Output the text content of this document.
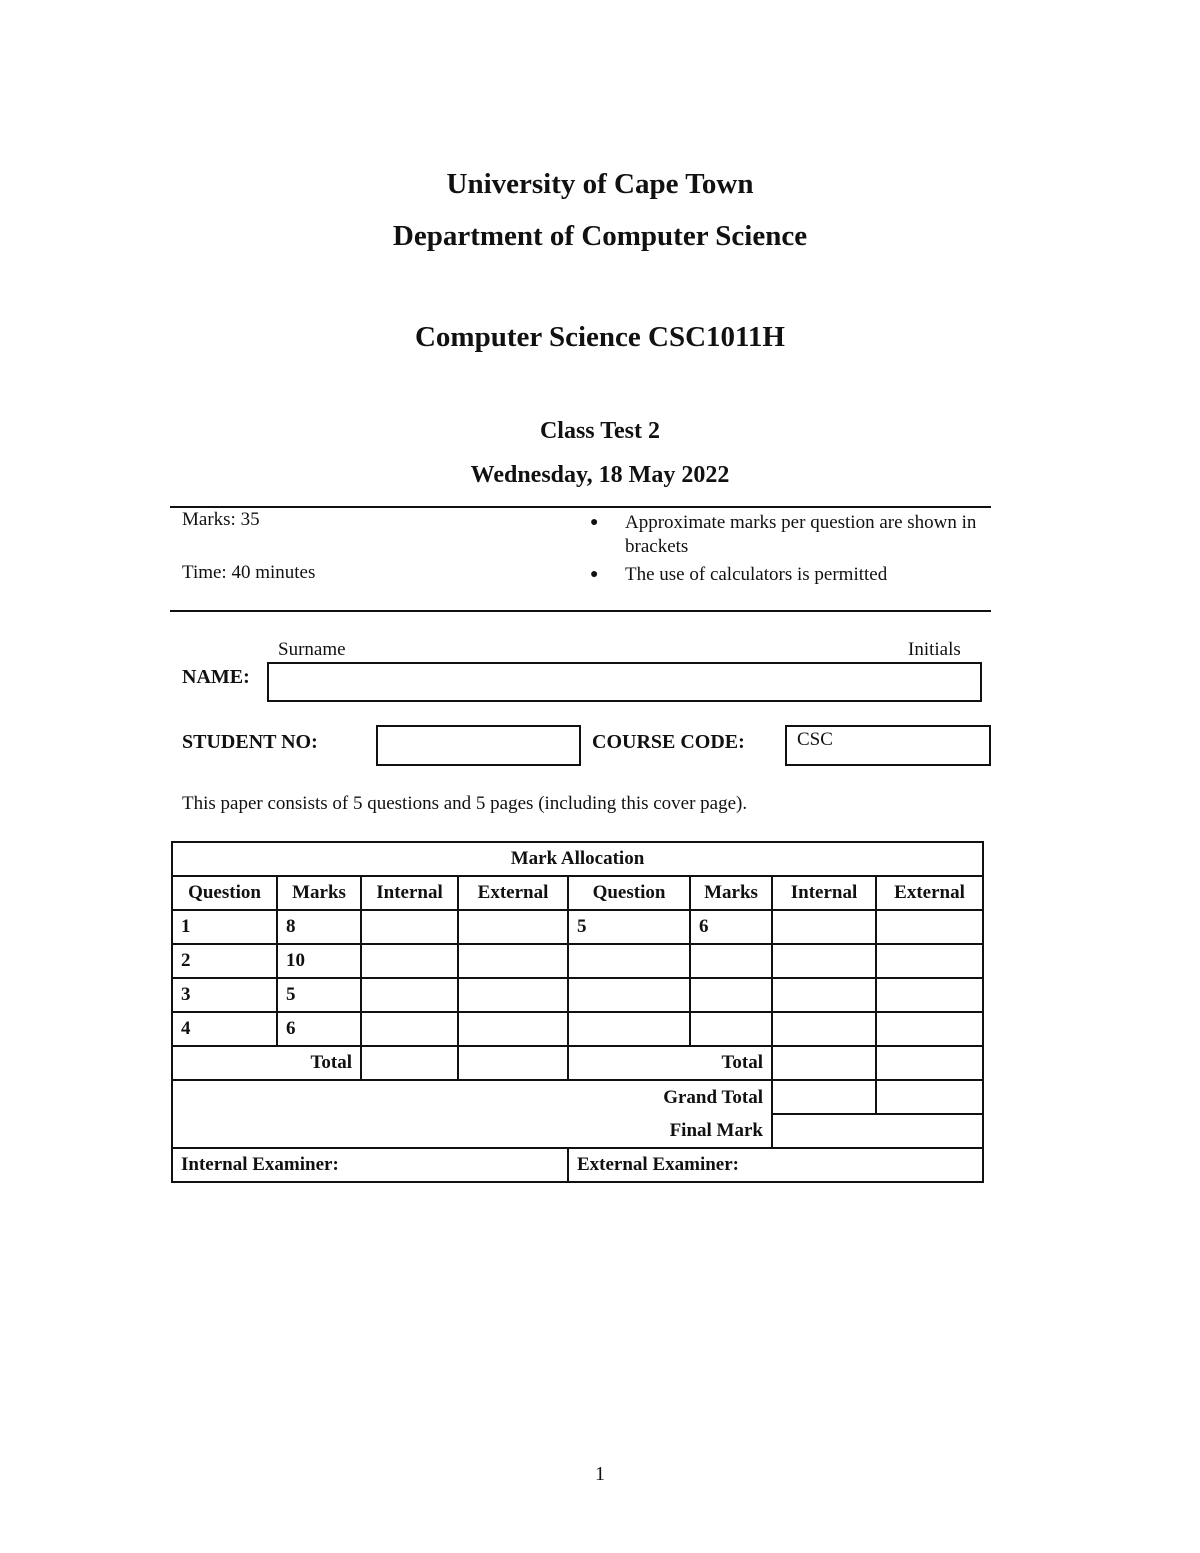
University of Cape Town
Department of Computer Science
Computer Science CSC1011H
Class Test 2
Wednesday, 18 May 2022
Marks: 35
Time: 40 minutes
● Approximate marks per question are shown in brackets
● The use of calculators is permitted
Surname	Initials
NAME:
STUDENT NO:	COURSE CODE:	CSC
This paper consists of 5 questions and 5 pages (including this cover page).
Mark Allocation							
Question	Marks	Internal	External	Question	Marks	Internal	External
1	8			5	6		
2	10						
3	5						
4	6						
Total				Total			
Grand Total							
Final Mark							
Internal Examiner:				External Examiner:			
1
